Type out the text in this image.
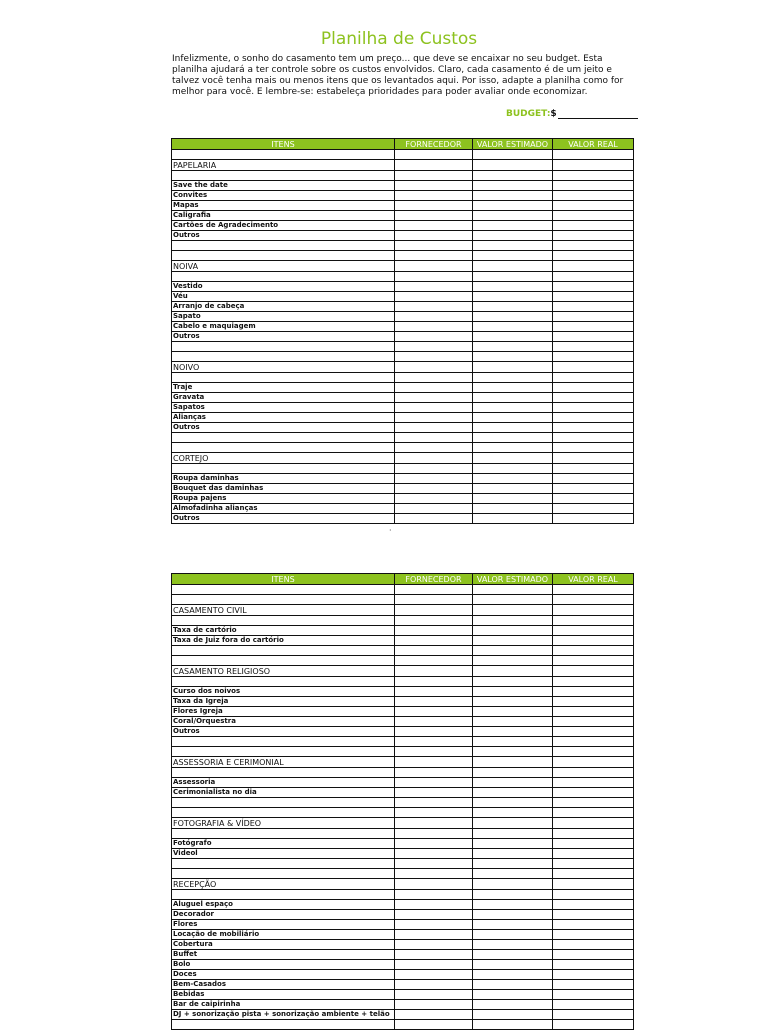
Planilha de Custos
Infelizmente, o sonho do casamento tem um preço... que deve se encaixar no seu budget. Esta planilha ajudará a ter controle sobre os custos envolvidos. Claro, cada casamento é de um jeito e talvez você tenha mais ou menos itens que os levantados aqui. Por isso, adapte a planilha como for melhor para você. E lembre-se: estabeleça prioridades para poder avaliar onde economizar.
BUDGET:$
ITENS	FORNECEDOR	VALOR ESTIMADO	VALOR REAL

PAPELARIA			

Save the date			
Convites			
Mapas			
Caligrafia			
Cartões de Agradecimento			
Outros			

NOIVA			

Vestido			
Véu			
Arranjo de cabeça			
Sapato			
Cabelo e maquiagem			
Outros			

NOIVO			

Traje			
Gravata			
Sapatos			
Alianças			
Outros			

CORTEJO			

Roupa daminhas			
Bouquet das daminhas			
Roupa pajens			
Almofadinha alianças			
Outros			
·
ITENS	FORNECEDOR	VALOR ESTIMADO	VALOR REAL

CASAMENTO CIVIL			

Taxa de cartório			
Taxa de Juiz fora do cartório			

CASAMENTO RELIGIOSO			

Curso dos noivos			
Taxa da Igreja			
Flores Igreja			
Coral/Orquestra			
Outros			

ASSESSORIA E CERIMONIAL			

Assessoria			
Cerimonialista no dia			

FOTOGRAFIA & VÍDEO			

Fotógrafo			
Videol			

RECEPÇÃO			

Aluguel espaço			
Decorador			
Flores			
Locação de mobiliário			
Cobertura			
Buffet			
Bolo			
Doces			
Bem-Casados			
Bebidas			
Bar de caipirinha			
DJ + sonorização pista + sonorização ambiente + telão			
